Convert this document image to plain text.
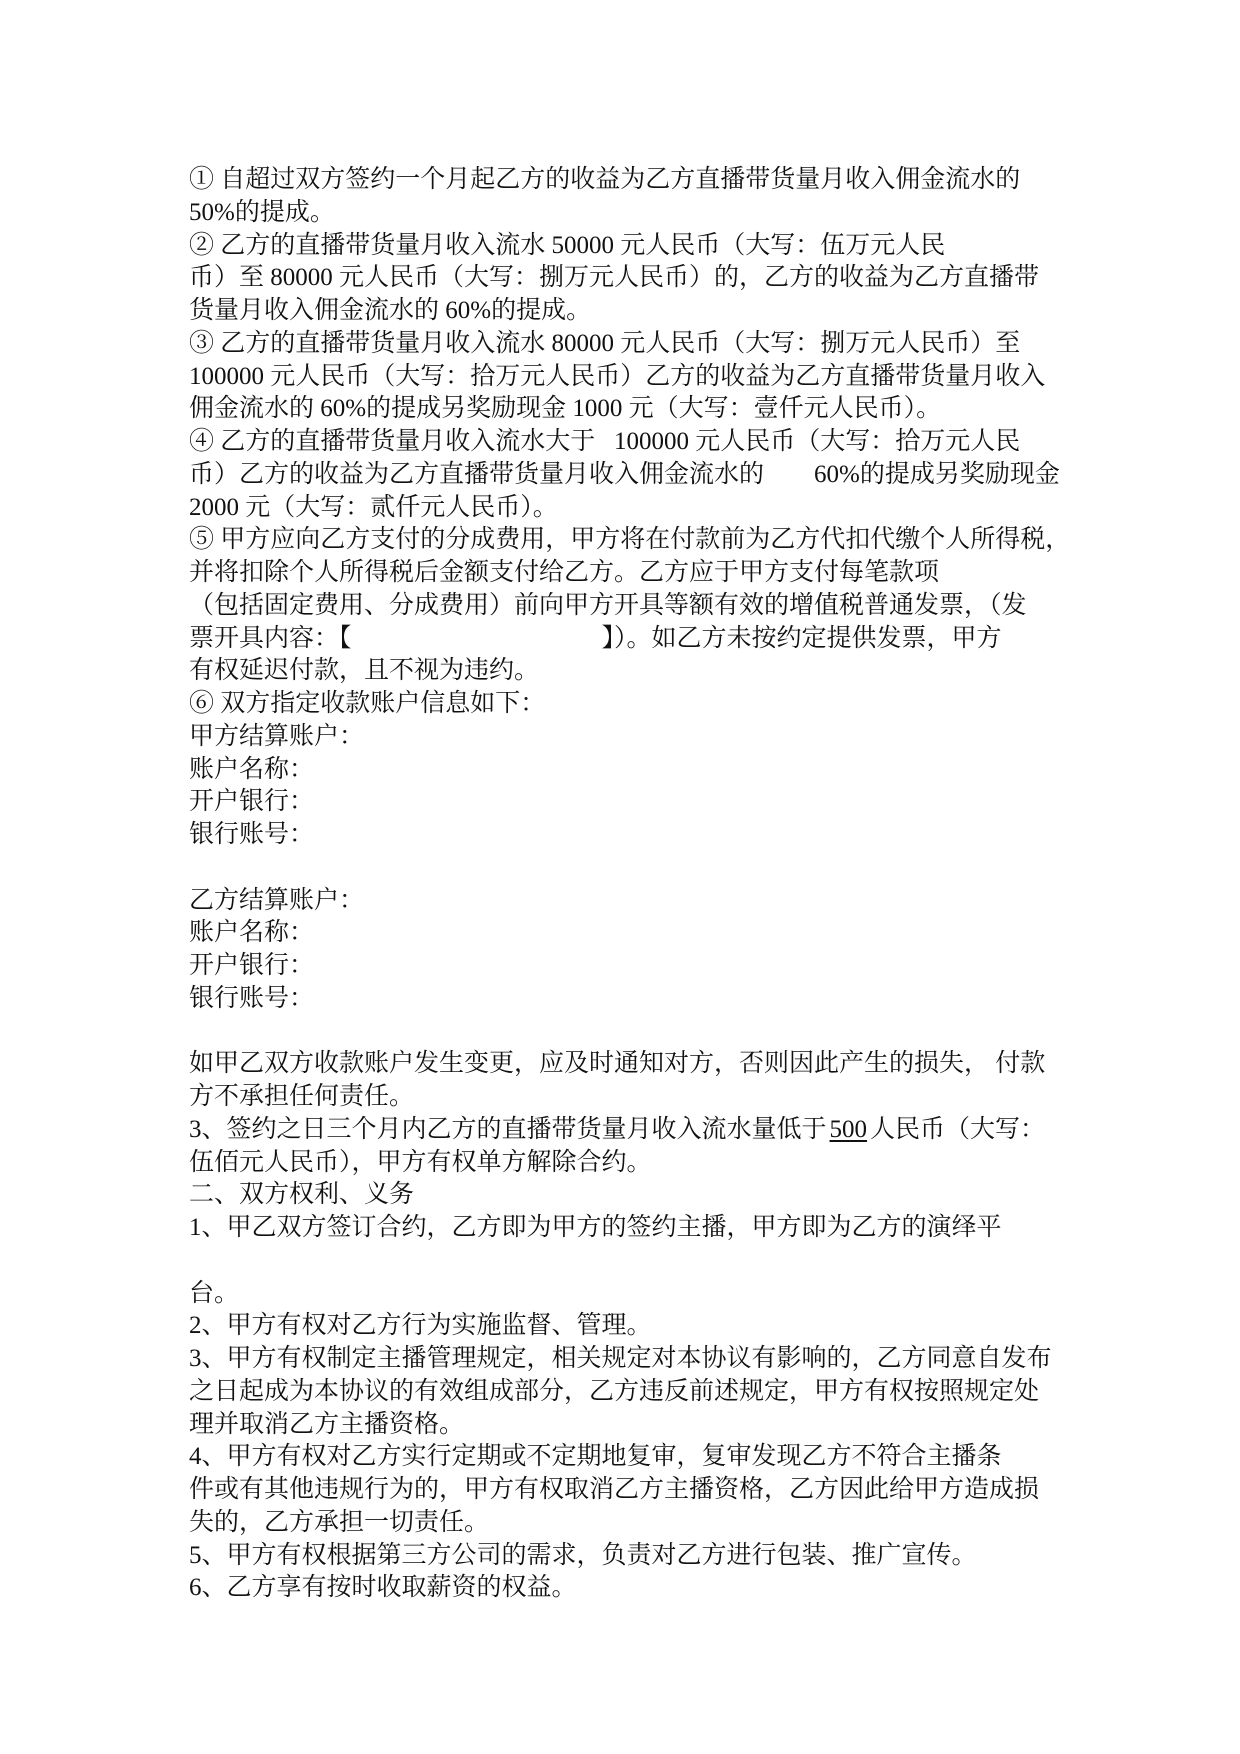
① 自超过双方签约一个月起乙方的收益为乙方直播带货量月收入佣金流水的
50%的提成。
② 乙方的直播带货量月收入流水 50000 元人民币（大写：伍万元人民
币）至 80000 元人民币（大写：捌万元人民币）的，乙方的收益为乙方直播带
货量月收入佣金流水的 60%的提成。
③ 乙方的直播带货量月收入流水 80000 元人民币（大写：捌万元人民币）至
100000 元人民币（大写：拾万元人民币）乙方的收益为乙方直播带货量月收入
佣金流水的 60%的提成另奖励现金 1000 元（大写：壹仟元人民币）。
④ 乙方的直播带货量月收入流水大于   100000 元人民币（大写：拾万元人民
币）乙方的收益为乙方直播带货量月收入佣金流水的        60%的提成另奖励现金
2000 元（大写：贰仟元人民币）。
⑤ 甲方应向乙方支付的分成费用，甲方将在付款前为乙方代扣代缴个人所得税，
并将扣除个人所得税后金额支付给乙方。乙方应于甲方支付每笔款项
（包括固定费用、分成费用）前向甲方开具等额有效的增值税普通发票，（发
票开具内容：【	】）。如乙方未按约定提供发票，甲方
有权延迟付款，且不视为违约。
⑥ 双方指定收款账户信息如下：
甲方结算账户：
账户名称：
开户银行：
银行账号：
乙方结算账户：
账户名称：
开户银行：
银行账号：
如甲乙双方收款账户发生变更，应及时通知对方，否则因此产生的损失， 付款
方不承担任何责任。
3、签约之日三个月内乙方的直播带货量月收入流水量低于 500 人民币（大写：
伍佰元人民币），甲方有权单方解除合约。
二、双方权利、义务
1、甲乙双方签订合约，乙方即为甲方的签约主播，甲方即为乙方的演绎平
台。
2、甲方有权对乙方行为实施监督、管理。
3、甲方有权制定主播管理规定，相关规定对本协议有影响的，乙方同意自发布
之日起成为本协议的有效组成部分，乙方违反前述规定，甲方有权按照规定处
理并取消乙方主播资格。
4、甲方有权对乙方实行定期或不定期地复审，复审发现乙方不符合主播条
件或有其他违规行为的，甲方有权取消乙方主播资格，乙方因此给甲方造成损
失的，乙方承担一切责任。
5、甲方有权根据第三方公司的需求，负责对乙方进行包装、推广宣传。
6、乙方享有按时收取薪资的权益。
